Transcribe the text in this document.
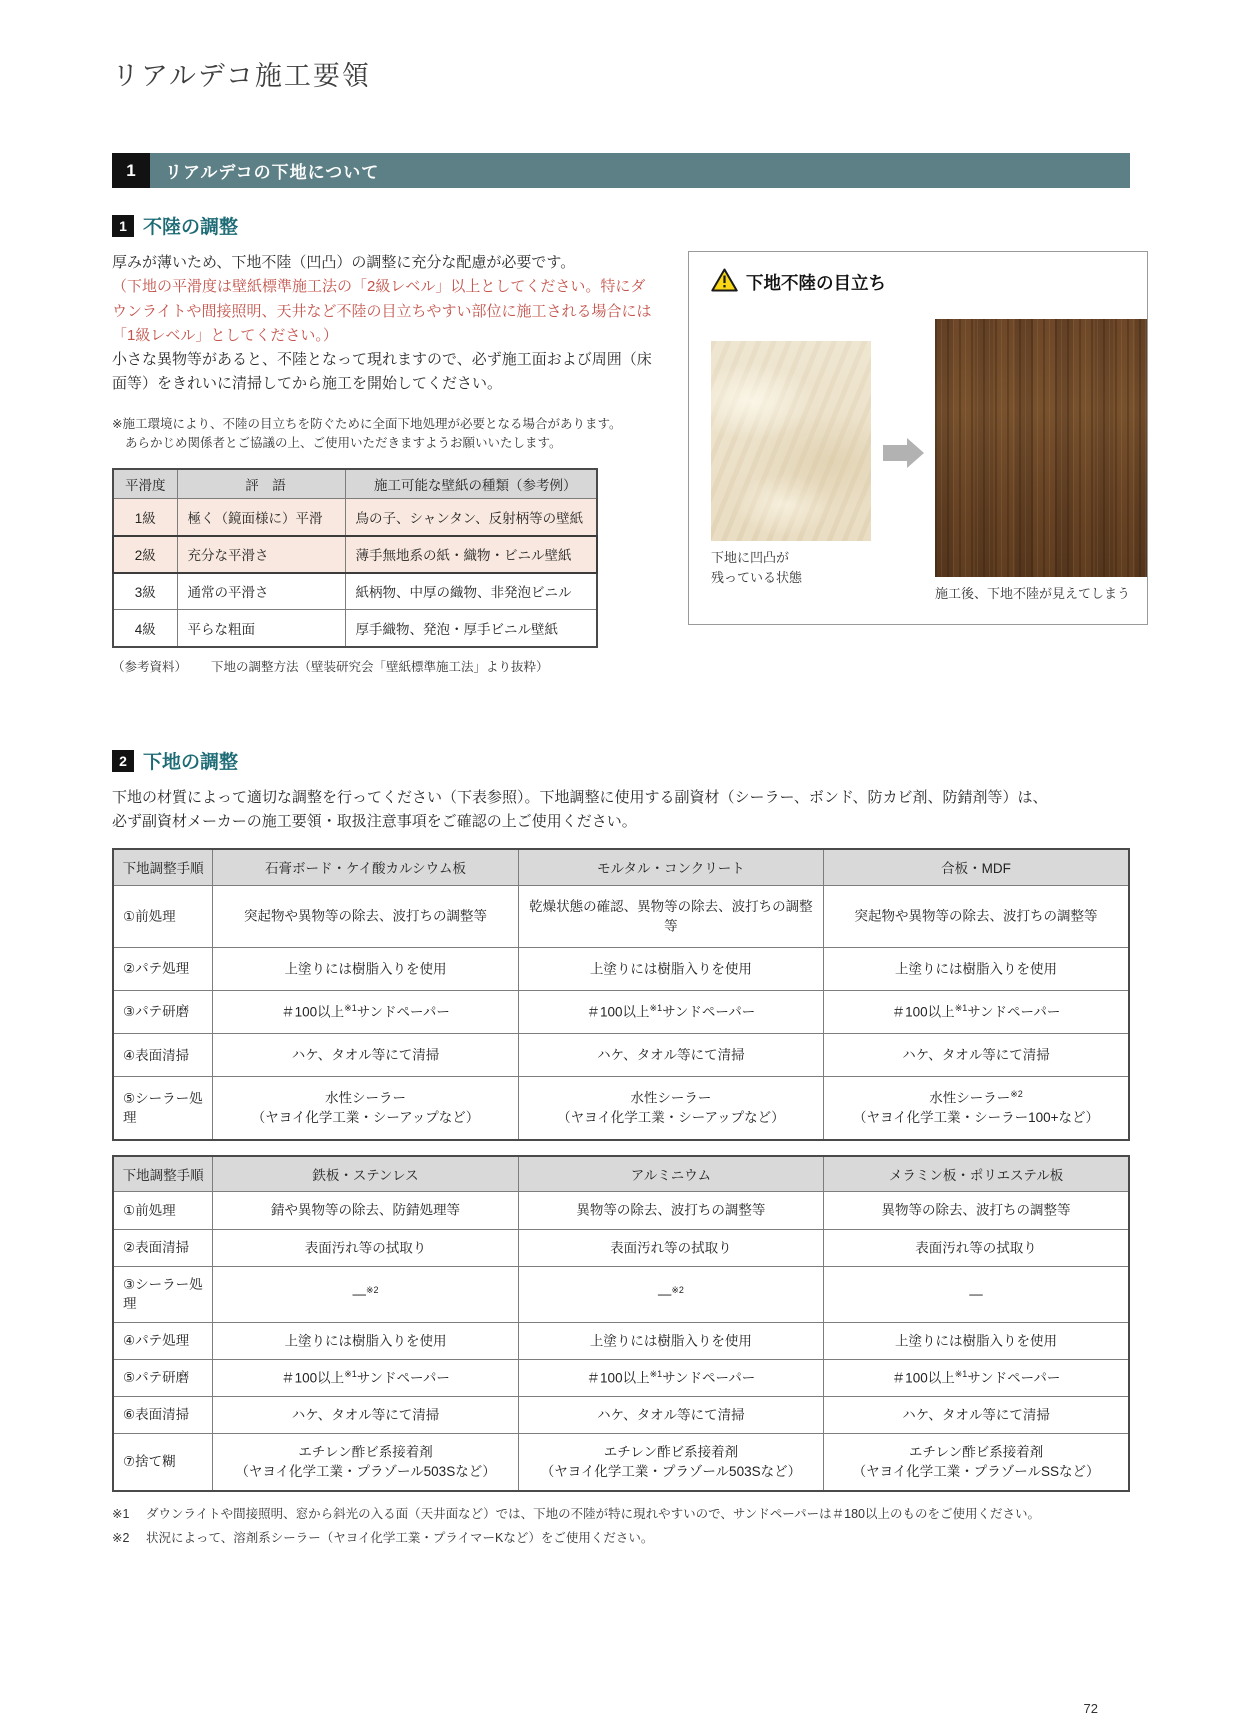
リアルデコ施工要領
1	リアルデコの下地について
1 不陸の調整

厚みが薄いため、下地不陸（凹凸）の調整に充分な配慮が必要です。

（下地の平滑度は壁紙標準施工法の「2級レベル」以上としてください。特にダウンライトや間接照明、天井など不陸の目立ちやすい部位に施工される場合には「1級レベル」としてください。）

小さな異物等があると、不陸となって現れますので、必ず施工面および周囲（床面等）をきれいに清掃してから施工を開始してください。

※施工環境により、不陸の目立ちを防ぐために全面下地処理が必要となる場合があります。
あらかじめ関係者とご協議の上、ご使用いただきますようお願いいたします。
平滑度	評　語	施工可能な壁紙の種類（参考例）
1級	極く（鏡面様に）平滑	鳥の子、シャンタン、反射柄等の壁紙
2級	充分な平滑さ	薄手無地系の紙・織物・ビニル壁紙
3級	通常の平滑さ	紙柄物、中厚の織物、非発泡ビニル
4級	平らな粗面	厚手織物、発泡・厚手ビニル壁紙
（参考資料） 下地の調整方法（壁装研究会「壁紙標準施工法」より抜粋）
下地不陸の目立ち
下地に凹凸が
残っている状態
施工後、下地不陸が見えてしまう
2 下地の調整
下地の材質によって適切な調整を行ってください（下表参照）。下地調整に使用する副資材（シーラー、ボンド、防カビ剤、防錆剤等）は、
必ず副資材メーカーの施工要領・取扱注意事項をご確認の上ご使用ください。
下地調整手順	石膏ボード・ケイ酸カルシウム板	モルタル・コンクリート	合板・MDF
①前処理	突起物や異物等の除去、波打ちの調整等	乾燥状態の確認、異物等の除去、波打ちの調整等	突起物や異物等の除去、波打ちの調整等

②パテ処理	上塗りには樹脂入りを使用	上塗りには樹脂入りを使用	上塗りには樹脂入りを使用

③パテ研磨	＃100以上$^{※1}$サンドペーパー	＃100以上$^{※1}$サンドペーパー	＃100以上$^{※1}$サンドペーパー

④表面清掃	ハケ、タオル等にて清掃	ハケ、タオル等にて清掃	ハケ、タオル等にて清掃

⑤シーラー処理	水性シーラー
（ヤヨイ化学工業・シーアップなど）	水性シーラー
（ヤヨイ化学工業・シーアップなど）	水性シーラー$^{※2}$
（ヤヨイ化学工業・シーラー100+など）
下地調整手順	鉄板・ステンレス	アルミニウム	メラミン板・ポリエステル板
①前処理	錆や異物等の除去、防錆処理等	異物等の除去、波打ちの調整等	異物等の除去、波打ちの調整等

②表面清掃	表面汚れ等の拭取り	表面汚れ等の拭取り	表面汚れ等の拭取り

③シーラー処理	—$^{※2}$	—$^{※2}$	—

④パテ処理	上塗りには樹脂入りを使用	上塗りには樹脂入りを使用	上塗りには樹脂入りを使用

⑤パテ研磨	＃100以上$^{※1}$サンドペーパー	＃100以上$^{※1}$サンドペーパー	＃100以上$^{※1}$サンドペーパー

⑥表面清掃	ハケ、タオル等にて清掃	ハケ、タオル等にて清掃	ハケ、タオル等にて清掃

⑦捨て糊	エチレン酢ビ系接着剤
（ヤヨイ化学工業・プラゾール503Sなど）	エチレン酢ビ系接着剤
（ヤヨイ化学工業・プラゾール503Sなど）	エチレン酢ビ系接着剤
（ヤヨイ化学工業・プラゾールSSなど）
※1	ダウンライトや間接照明、窓から斜光の入る面（天井面など）では、下地の不陸が特に現れやすいので、サンドペーパーは＃180以上のものをご使用ください。
※2	状況によって、溶剤系シーラー（ヤヨイ化学工業・プライマーKなど）をご使用ください。
72
